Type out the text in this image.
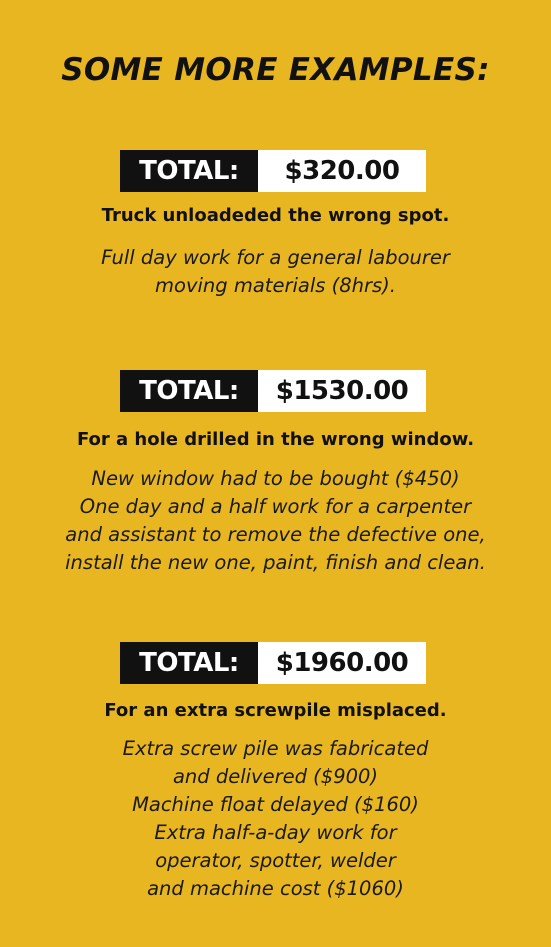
SOME MORE EXAMPLES:
TOTAL:	$320.00
Truck unloadeded the wrong spot.
Full day work for a general labourer
moving materials (8hrs).
TOTAL:	$1530.00
For a hole drilled in the wrong window.
New window had to be bought ($450)
One day and a half work for a carpenter
and assistant to remove the defective one,
install the new one, paint, finish and clean.
TOTAL:	$1960.00
For an extra screwpile misplaced.
Extra screw pile was fabricated
and delivered ($900)
Machine float delayed ($160)
Extra half-a-day work for
operator, spotter, welder
and machine cost ($1060)
